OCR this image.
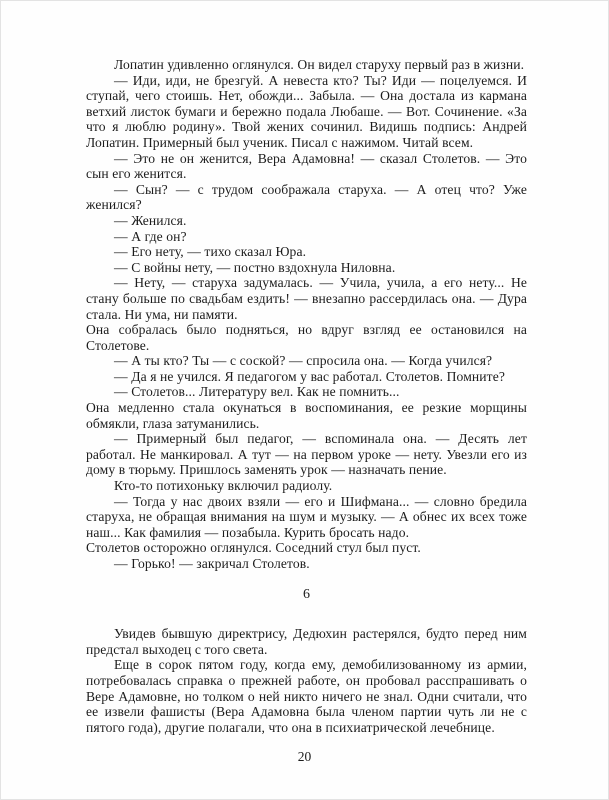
Лопатин удивленно оглянулся. Он видел старуху первый раз в жизни.

— Иди, иди, не брезгуй. А невеста кто? Ты? Иди — поцелуемся. И ступай, чего стоишь. Нет, обожди... Забыла. — Она достала из кармана ветхий листок бумаги и бережно подала Любаше. — Вот. Сочинение. «За что я люблю родину». Твой жених сочинил. Видишь подпись: Андрей Лопатин. Примерный был ученик. Писал с нажимом. Читай всем.

— Это не он женится, Вера Адамовна! — сказал Столетов. — Это сын его женится.

— Сын? — с трудом соображала старуха. — А отец что? Уже женился?

— Женился.

— А где он?

— Его нету, — тихо сказал Юра.

— С войны нету, — постно вздохнула Ниловна.

— Нету, — старуха задумалась. — Учила, учила, а его нету... Не стану больше по свадьбам ездить! — внезапно рассердилась она. — Дура стала. Ни ума, ни памяти.

Она собралась было подняться, но вдруг взгляд ее остановился на Столетове.

— А ты кто? Ты — с соской? — спросила она. — Когда учился?

— Да я не учился. Я педагогом у вас работал. Столетов. Помните?

— Столетов... Литературу вел. Как не помнить...

Она медленно стала окунаться в воспоминания, ее резкие морщины обмякли, глаза затуманились.

— Примерный был педагог, — вспоминала она. — Десять лет работал. Не манкировал. А тут — на первом уроке — нету. Увезли его из дому в тюрьму. Пришлось заменять урок — назначать пение.

Кто-то потихоньку включил радиолу.

— Тогда у нас двоих взяли — его и Шифмана... — словно бредила старуха, не обращая внимания на шум и музыку. — А обнес их всех тоже наш... Как фамилия — позабыла. Курить бросать надо.

Столетов осторожно оглянулся. Соседний стул был пуст.

— Горько! — закричал Столетов.

6

Увидев бывшую директрису, Дедюхин растерялся, будто перед ним предстал выходец с того света.

Еще в сорок пятом году, когда ему, демобилизованному из армии, потребовалась справка о прежней работе, он пробовал расспрашивать о Вере Адамовне, но толком о ней никто ничего не знал. Одни считали, что ее извели фашисты (Вера Адамовна была членом партии чуть ли не с пятого года), другие полагали, что она в психиатрической лечебнице.

20
